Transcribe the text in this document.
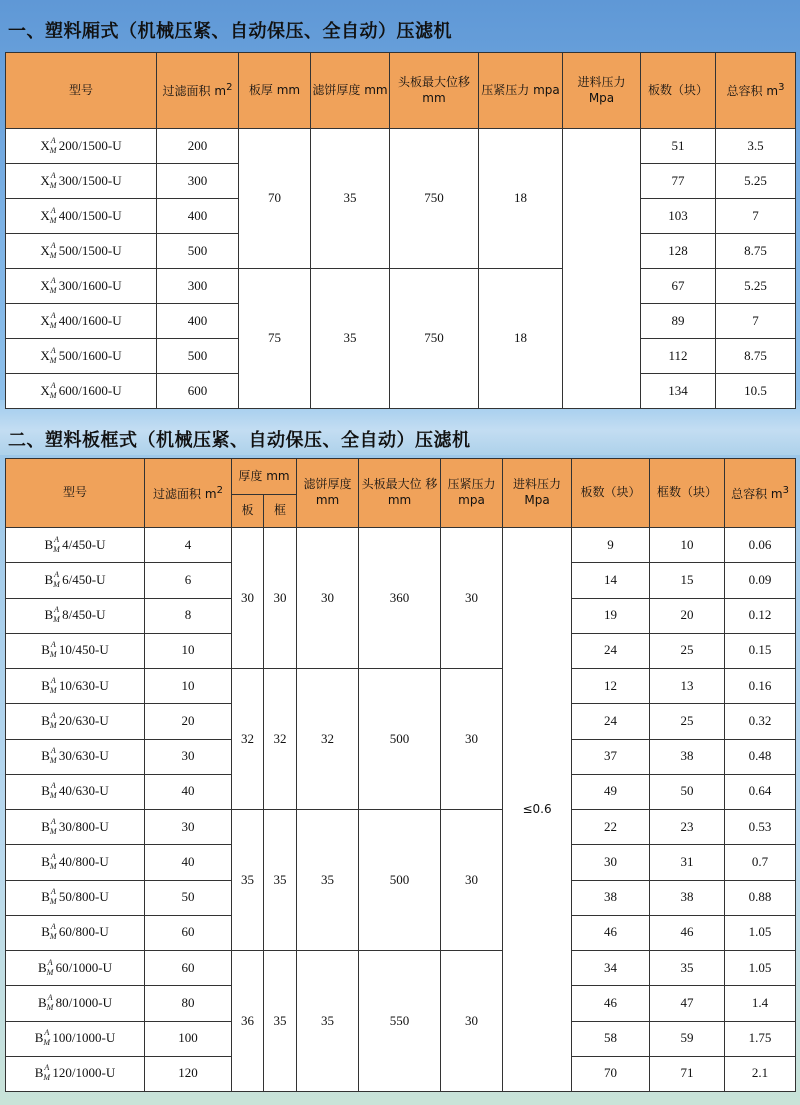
一、塑料厢式（机械压紧、自动保压、全自动）压滤机
型号	过滤面积 $m^2$	板厚 mm	滤饼厚度 mm	头板最大位移 mm	压紧压力 mpa	进料压力 Mpa	板数（块）	总容积 $m^3$
X A
M 200/1500-U	200	70	35	750	18		51	3.5
X A
M 300/1500-U	300						77	5.25
X A
M 400/1500-U	400						103	7
X A
M 500/1500-U	500						128	8.75
X A
M 300/1600-U	300	75	35	750	18		67	5.25
X A
M 400/1600-U	400						89	7
X A
M 500/1600-U	500						112	8.75
X A
M 600/1600-U	600						134	10.5
二、塑料板框式（机械压紧、自动保压、全自动）压滤机
型号	过滤面积 $m^2$	厚度 mm		滤饼厚度 mm	头板最大位 移 mm	压紧压力 mpa	进料压力 Mpa	板数（块）	框数（块）	总容积 $m^3$
		板	框							
B A
M 4/450-U	4	30	30	30	360	30	≤0.6	9	10	0.06
B A
M 6/450-U	6							14	15	0.09
B A
M 8/450-U	8							19	20	0.12
B A
M 10/450-U	10							24	25	0.15
B A
M 10/630-U	10	32	32	32	500	30		12	13	0.16
B A
M 20/630-U	20							24	25	0.32
B A
M 30/630-U	30							37	38	0.48
B A
M 40/630-U	40							49	50	0.64
B A
M 30/800-U	30	35	35	35	500	30		22	23	0.53
B A
M 40/800-U	40							30	31	0.7
B A
M 50/800-U	50							38	38	0.88
B A
M 60/800-U	60							46	46	1.05
B A
M 60/1000-U	60	36	35	35	550	30		34	35	1.05
B A
M 80/1000-U	80							46	47	1.4
B A
M 100/1000-U	100							58	59	1.75
B A
M 120/1000-U	120							70	71	2.1
